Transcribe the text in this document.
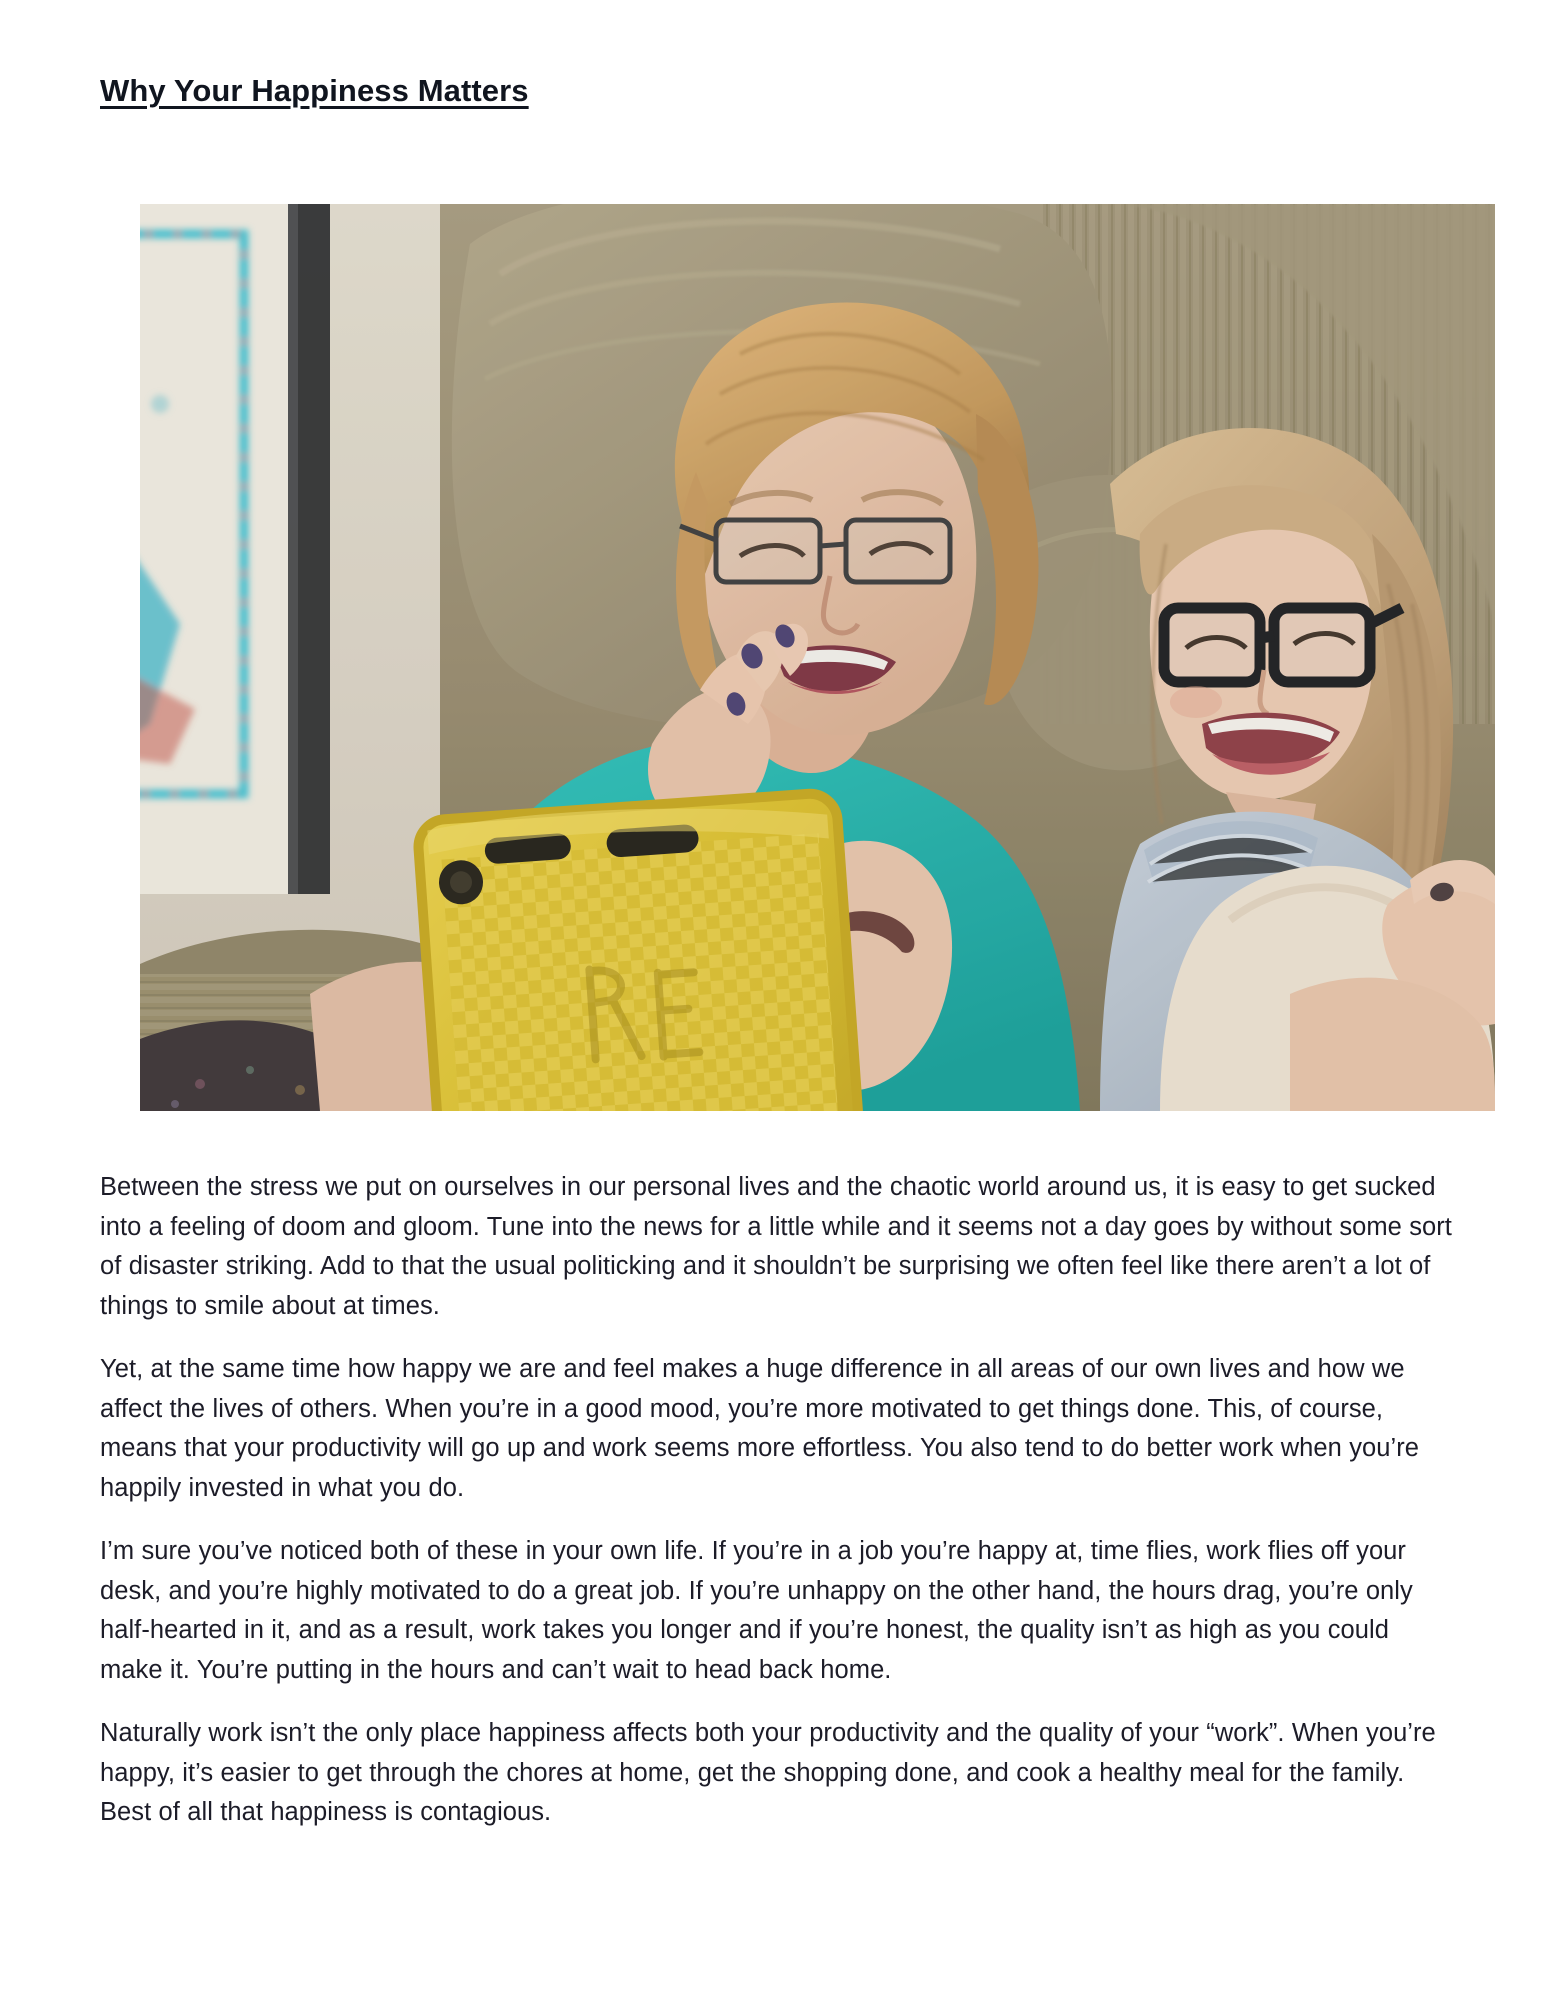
Why Your Happiness Matters

Between the stress we put on ourselves in our personal lives and the chaotic world around us, it is easy to get sucked into a feeling of doom and gloom. Tune into the news for a little while and it seems not a day goes by without some sort of disaster striking. Add to that the usual politicking and it shouldn’t be surprising we often feel like there aren’t a lot of things to smile about at times.

Yet, at the same time how happy we are and feel makes a huge difference in all areas of our own lives and how we affect the lives of others. When you’re in a good mood, you’re more motivated to get things done. This, of course, means that your productivity will go up and work seems more effortless. You also tend to do better work when you’re happily invested in what you do.

I’m sure you’ve noticed both of these in your own life. If you’re in a job you’re happy at, time flies, work flies off your desk, and you’re highly motivated to do a great job. If you’re unhappy on the other hand, the hours drag, you’re only half-hearted in it, and as a result, work takes you longer and if you’re honest, the quality isn’t as high as you could make it. You’re putting in the hours and can’t wait to head back home.

Naturally work isn’t the only place happiness affects both your productivity and the quality of your “work”. When you’re happy, it’s easier to get through the chores at home, get the shopping done, and cook a healthy meal for the family. Best of all that happiness is contagious.
